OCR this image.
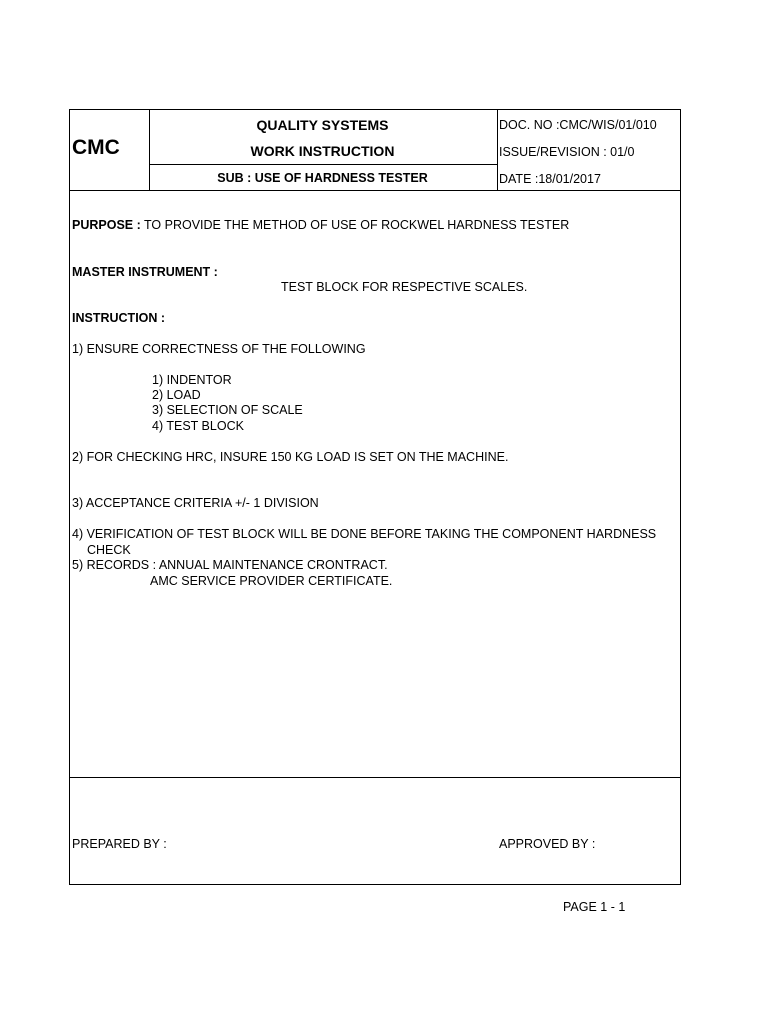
CMC
QUALITY SYSTEMS
WORK INSTRUCTION
SUB : USE OF HARDNESS TESTER
DOC. NO :CMC/WIS/01/010
ISSUE/REVISION : 01/0
DATE :18/01/2017
PURPOSE : TO PROVIDE THE METHOD OF USE OF ROCKWEL HARDNESS TESTER
MASTER INSTRUMENT :
TEST BLOCK FOR RESPECTIVE SCALES.
INSTRUCTION :
1) ENSURE CORRECTNESS OF THE FOLLOWING
1) INDENTOR
2) LOAD
3) SELECTION OF SCALE
4) TEST BLOCK
2) FOR CHECKING HRC, INSURE 150 KG LOAD IS SET ON THE MACHINE.
3) ACCEPTANCE CRITERIA +/- 1 DIVISION
4) VERIFICATION OF TEST BLOCK WILL BE DONE BEFORE TAKING THE COMPONENT HARDNESS
CHECK
5) RECORDS : ANNUAL MAINTENANCE CRONTRACT.
AMC SERVICE PROVIDER CERTIFICATE.
PREPARED BY :	APPROVED BY :
PAGE 1 - 1
